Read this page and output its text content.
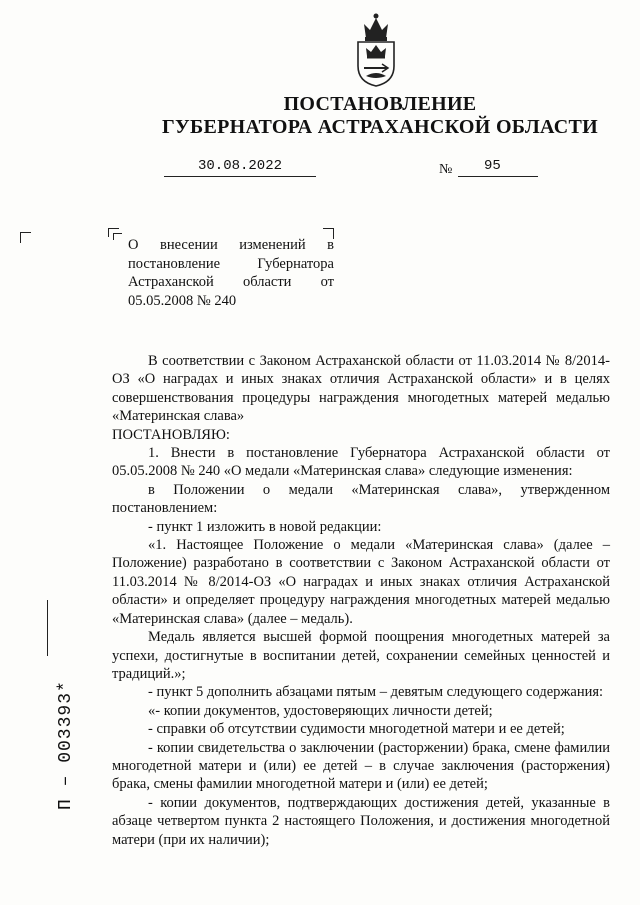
ПОСТАНОВЛЕНИЕ
ГУБЕРНАТОРА АСТРАХАНСКОЙ ОБЛАСТИ
30.08.2022	№ 95
О внесении изменений в постановление Губернатора Астраханской области от 05.05.2008 № 240

В соответствии с Законом Астраханской области от 11.03.2014 № 8/2014-ОЗ «О наградах и иных знаках отличия Астраханской области» и в целях совершенствования процедуры награждения многодетных матерей медалью «Материнская слава»

ПОСТАНОВЛЯЮ:

1. Внести в постановление Губернатора Астраханской области от 05.05.2008 № 240 «О медали «Материнская слава» следующие изменения:

в Положении о медали «Материнская слава», утвержденном постановлением:

- пункт 1 изложить в новой редакции:

«1. Настоящее Положение о медали «Материнская слава» (далее – Положение) разработано в соответствии с Законом Астраханской области от 11.03.2014 № 8/2014-ОЗ «О наградах и иных знаках отличия Астраханской области» и определяет процедуру награждения многодетных матерей медалью «Материнская слава» (далее – медаль).

Медаль является высшей формой поощрения многодетных матерей за успехи, достигнутые в воспитании детей, сохранении семейных ценностей и традиций.»;

- пункт 5 дополнить абзацами пятым – девятым следующего содержания:

«- копии документов, удостоверяющих личности детей;

- справки об отсутствии судимости многодетной матери и ее детей;

- копии свидетельства о заключении (расторжении) брака, смене фамилии многодетной матери и (или) ее детей – в случае заключения (расторжения) брака, смены фамилии многодетной матери и (или) ее детей;

- копии документов, подтверждающих достижения детей, указанные в абзаце четвертом пункта 2 настоящего Положения, и достижения многодетной матери (при их наличии);

П – 003393*
